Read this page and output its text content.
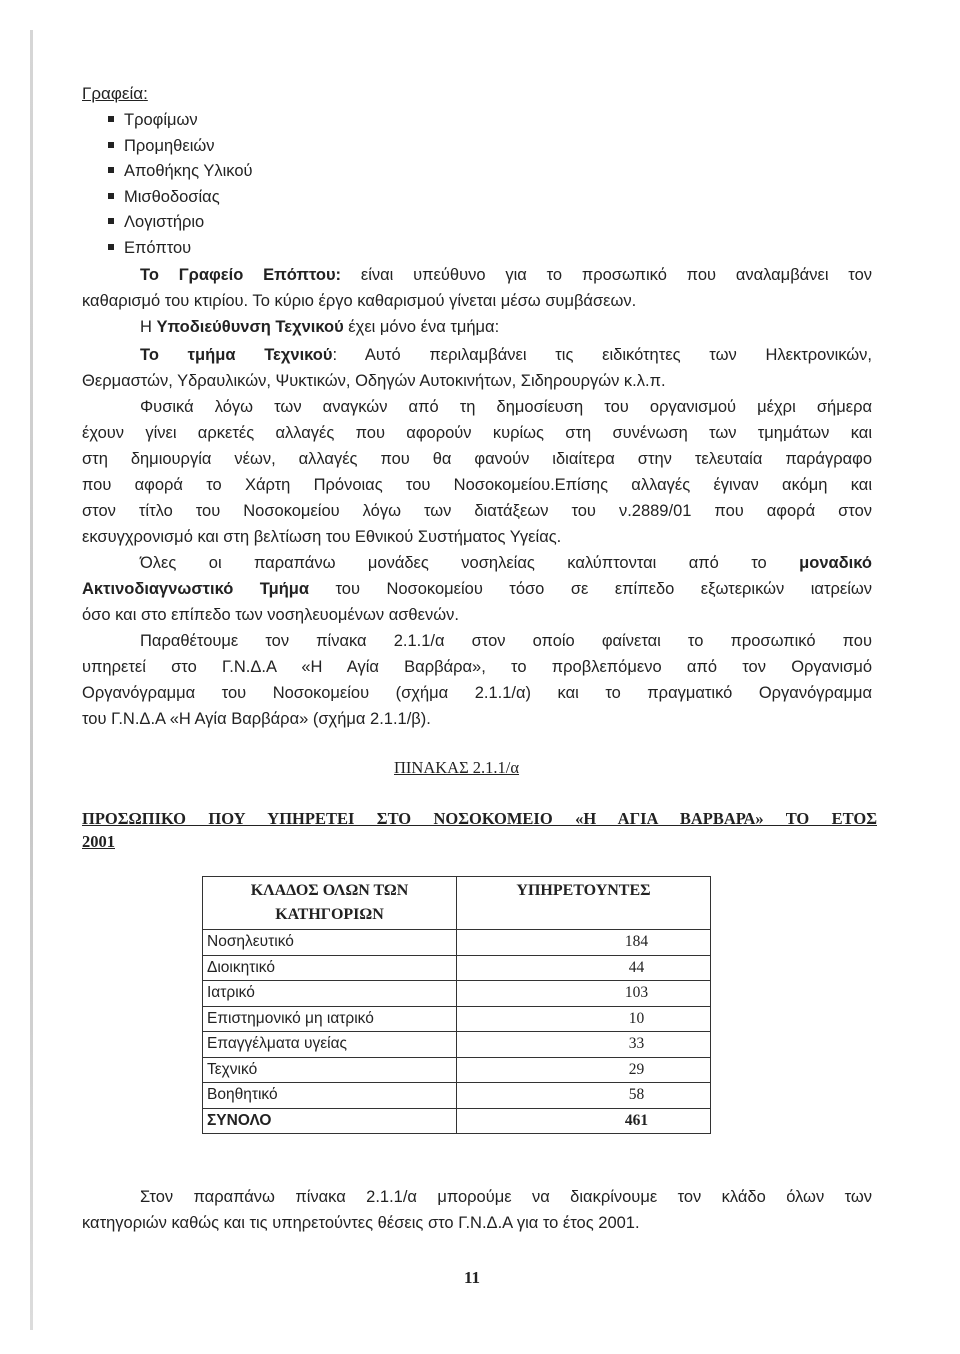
Γραφεία:
Τροφίμων
Προμηθειών
Αποθήκης Υλικού
Μισθοδοσίας
Λογιστήριο
Επόπτου
Το Γραφείο Επόπτου: είναι υπεύθυνο για το προσωπικό που αναλαμβάνει τον
καθαρισμό του κτιρίου. Το κύριο έργο καθαρισμού γίνεται μέσω συμβάσεων.
Η Υποδιεύθυνση Τεχνικού έχει μόνο ένα τμήμα:
Το τμήμα Τεχνικού: Αυτό περιλαμβάνει τις ειδικότητες των Ηλεκτρονικών,
Θερμαστών, Υδραυλικών, Ψυκτικών, Οδηγών Αυτοκινήτων, Σιδηρουργών κ.λ.π.
Φυσικά λόγω των αναγκών από τη δημοσίευση του οργανισμού μέχρι σήμερα
έχουν γίνει αρκετές αλλαγές που αφορούν κυρίως στη συνένωση των τμημάτων και
στη δημιουργία νέων, αλλαγές που θα φανούν ιδιαίτερα στην τελευταία παράγραφο
που αφορά το Χάρτη Πρόνοιας του Νοσοκομείου.Επίσης αλλαγές έγιναν ακόμη και
στον τίτλο του Νοσοκομείου λόγω των διατάξεων του ν.2889/01 που αφορά στον
εκσυγχρονισμό και στη βελτίωση του Εθνικού Συστήματος Υγείας.
Όλες οι παραπάνω μονάδες νοσηλείας καλύπτονται από το μοναδικό
Ακτινοδιαγνωστικό Τμήμα του Νοσοκομείου τόσο σε επίπεδο εξωτερικών ιατρείων
όσο και στο επίπεδο των νοσηλευομένων ασθενών.
Παραθέτουμε τον πίνακα 2.1.1/α στον οποίο φαίνεται το προσωπικό που
υπηρετεί στο Γ.Ν.Δ.Α «Η Αγία Βαρβάρα», το προβλεπόμενο από τον Οργανισμό
Οργανόγραμμα του Νοσοκομείου (σχήμα 2.1.1/α) και το πραγματικό Οργανόγραμμα
του Γ.Ν.Δ.Α «Η Αγία Βαρβάρα» (σχήμα 2.1.1/β).
ΠΙΝΑΚΑΣ 2.1.1/α
ΠΡΟΣΩΠΙΚΟ ΠΟΥ ΥΠΗΡΕΤΕΙ ΣΤΟ ΝΟΣΟΚΟΜΕΙΟ «Η ΑΓΙΑ ΒΑΡΒΑΡΑ» ΤΟ ΕΤΟΣ
2001
ΚΛΑΔΟΣ ΟΛΩΝ ΤΩΝ
ΚΑΤΗΓΟΡΙΩΝ	ΥΠΗΡΕΤΟΥΝΤΕΣ
Νοσηλευτικό	184
Διοικητικό	44
Ιατρικό	103
Επιστημονικό μη ιατρικό	10
Επαγγέλματα υγείας	33
Τεχνικό	29
Βοηθητικό	58
ΣΥΝΟΛΟ	461
Στον παραπάνω πίνακα 2.1.1/α μπορούμε να διακρίνουμε τον κλάδο όλων των
κατηγοριών καθώς και τις υπηρετούντες θέσεις στο Γ.Ν.Δ.Α για το έτος 2001.
11
